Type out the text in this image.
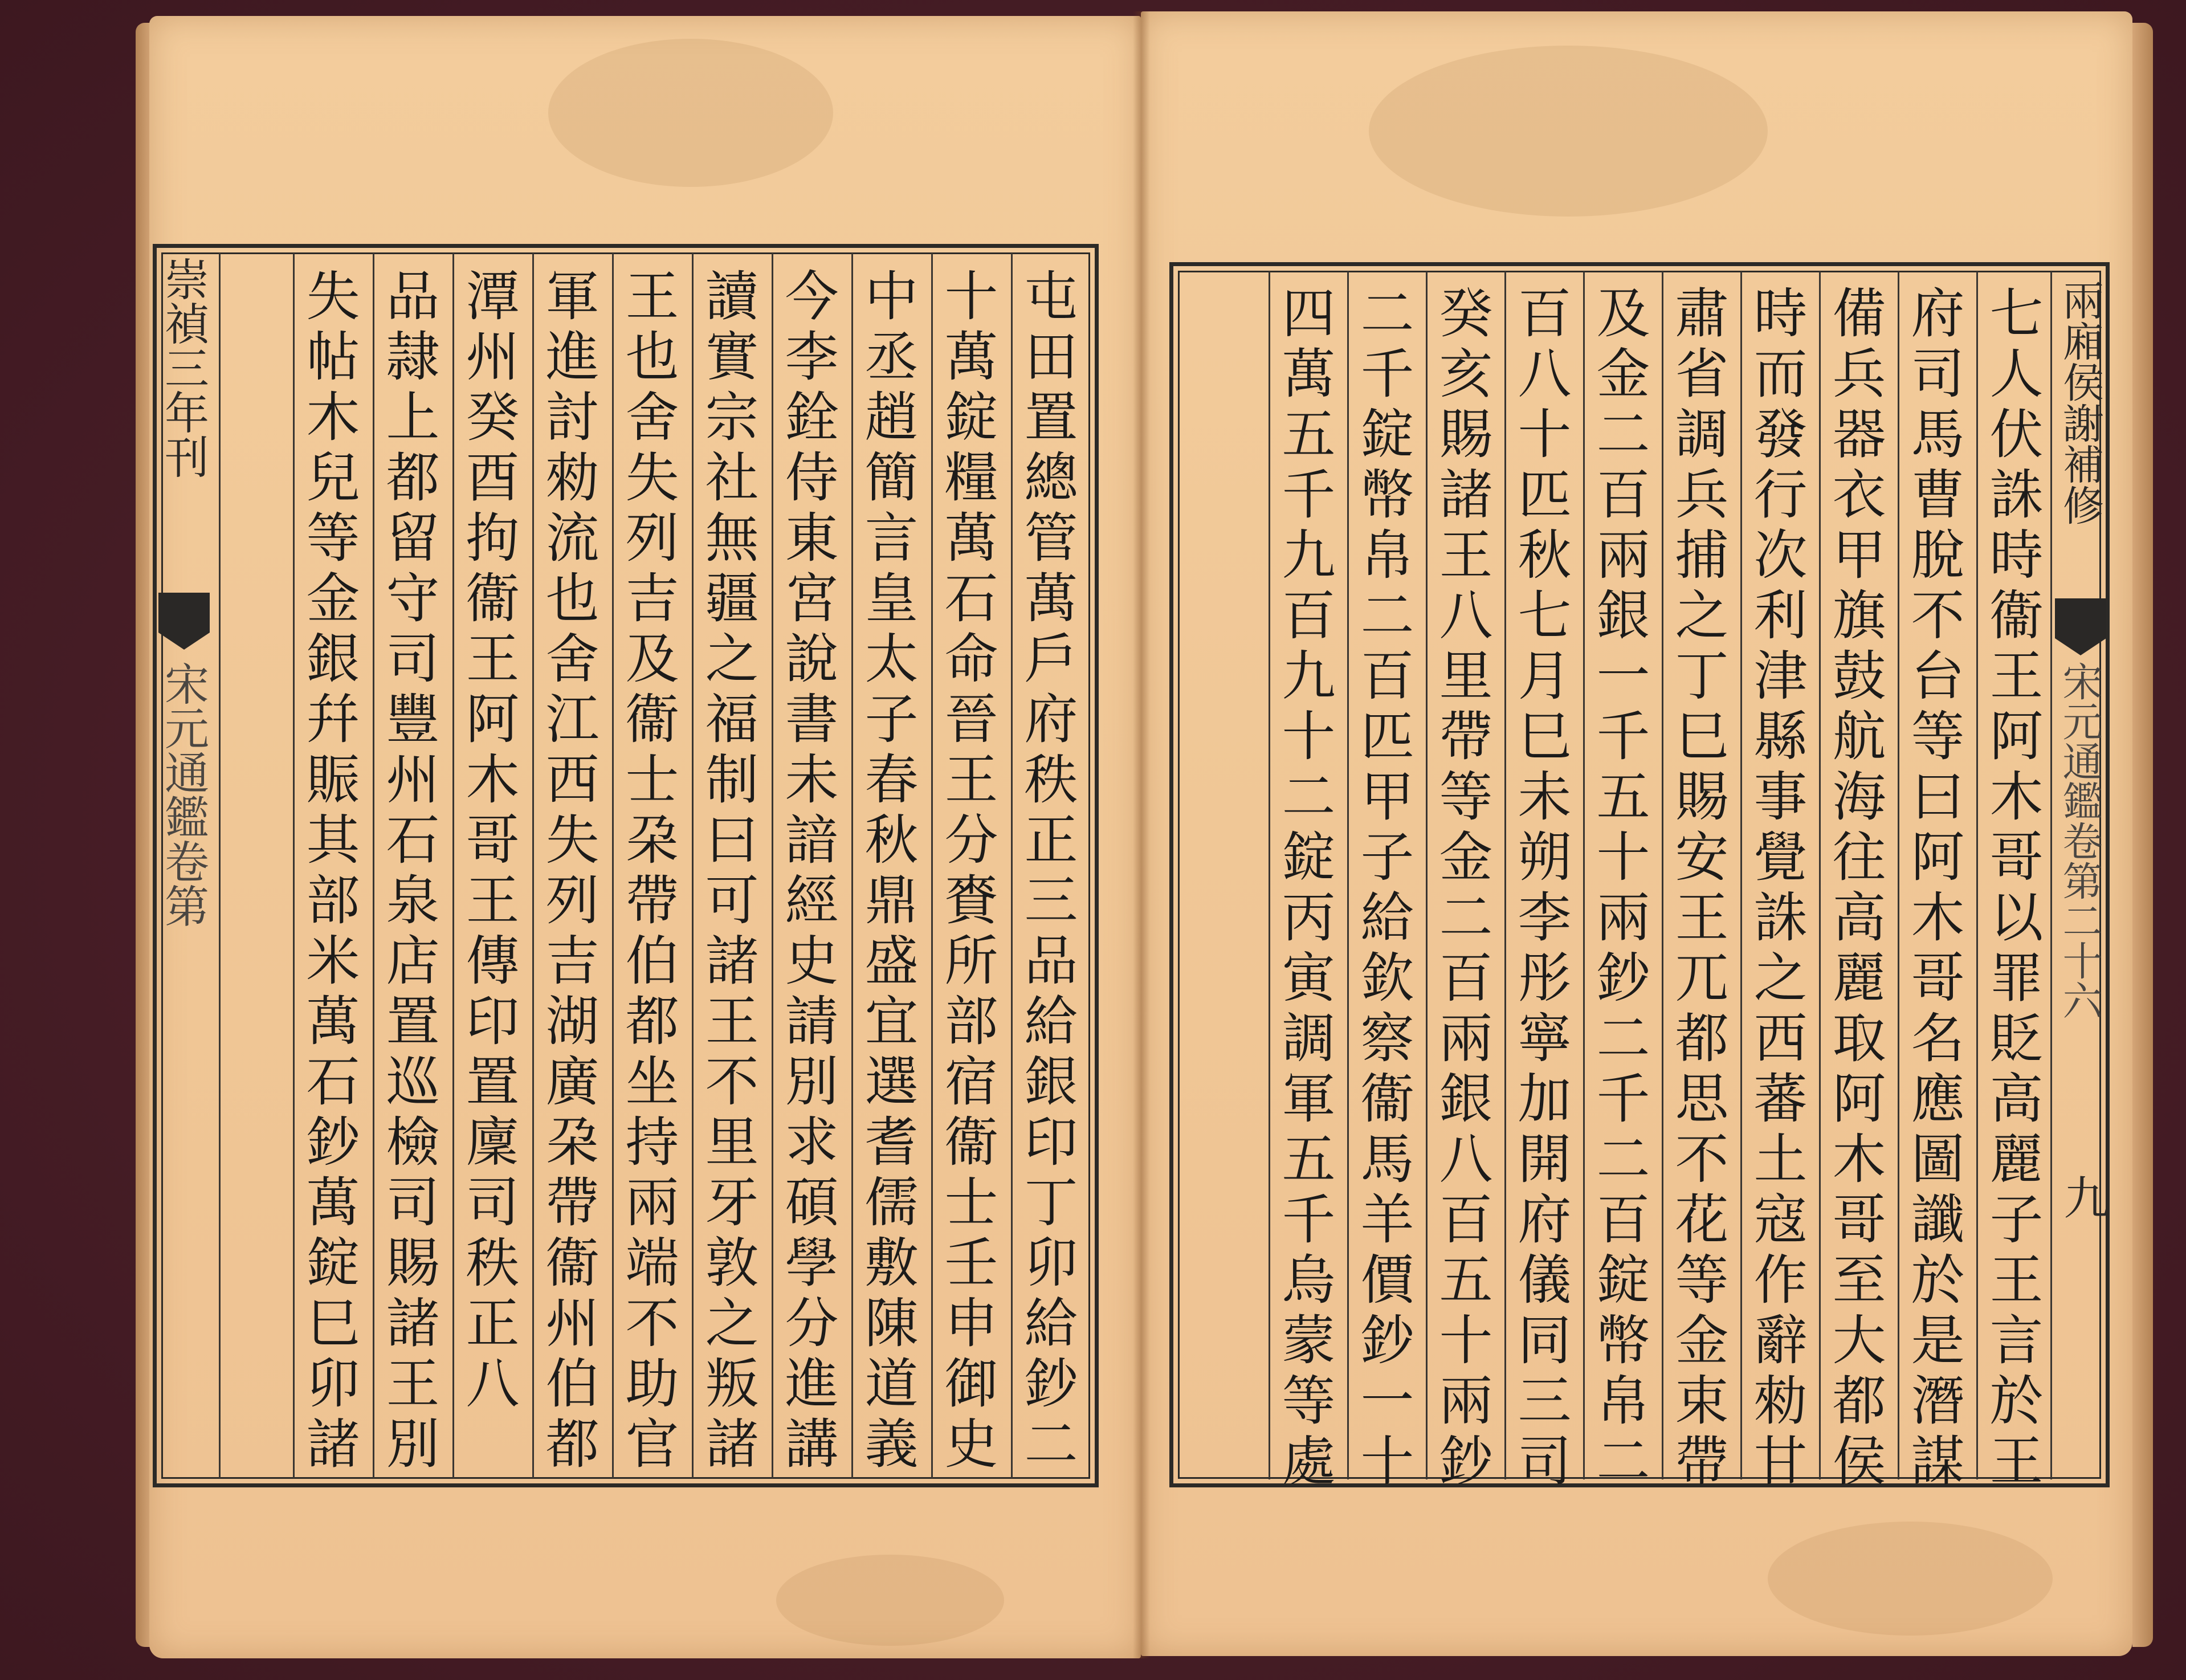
崇禎三年刊
宋元通鑑卷第	屯田置總管萬戶府秩正三品給銀印丁卯給鈔二
十萬錠糧萬石命晉王分賚所部宿衞士壬申御史
中丞趙簡言皇太子春秋鼎盛宜選耆儒敷陳道義
今李銓侍東宮說書未諳經史請別求碩學分進講
讀實宗社無疆之福制曰可諸王不里牙敦之叛諸
王也舍失列吉及衞士朶帶伯都坐持兩端不助官
軍進討勑流也舍江西失列吉湖廣朶帶衞州伯都
潭州癸酉拘衞王阿木哥王傳印置廩司秩正八
品隷上都留守司豐州石泉店置巡檢司賜諸王別
失帖木兒等金銀幷賑其部米萬石鈔萬錠巳卯諸	兩廂侯謝補修
宋元通鑑卷第二十六
九
七人伏誅時衞王阿木哥以罪貶高麗子王言於王
府司馬曹脫不台等曰阿木哥名應圖讖於是潛謀
備兵器衣甲旗鼓航海往高麗取阿木哥至大都侯
時而發行次利津縣事覺誅之西蕃土寇作辭勑甘
肅省調兵捕之丁巳賜安王兀都思不花等金束帶
及金二百兩銀一千五十兩鈔二千二百錠幣帛二
百八十匹秋七月巳未朔李彤寧加開府儀同三司
癸亥賜諸王八里帶等金二百兩銀八百五十兩鈔
二千錠幣帛二百匹甲子給欽察衞馬羊價鈔一十
四萬五千九百九十二錠丙寅調軍五千烏蒙等處
